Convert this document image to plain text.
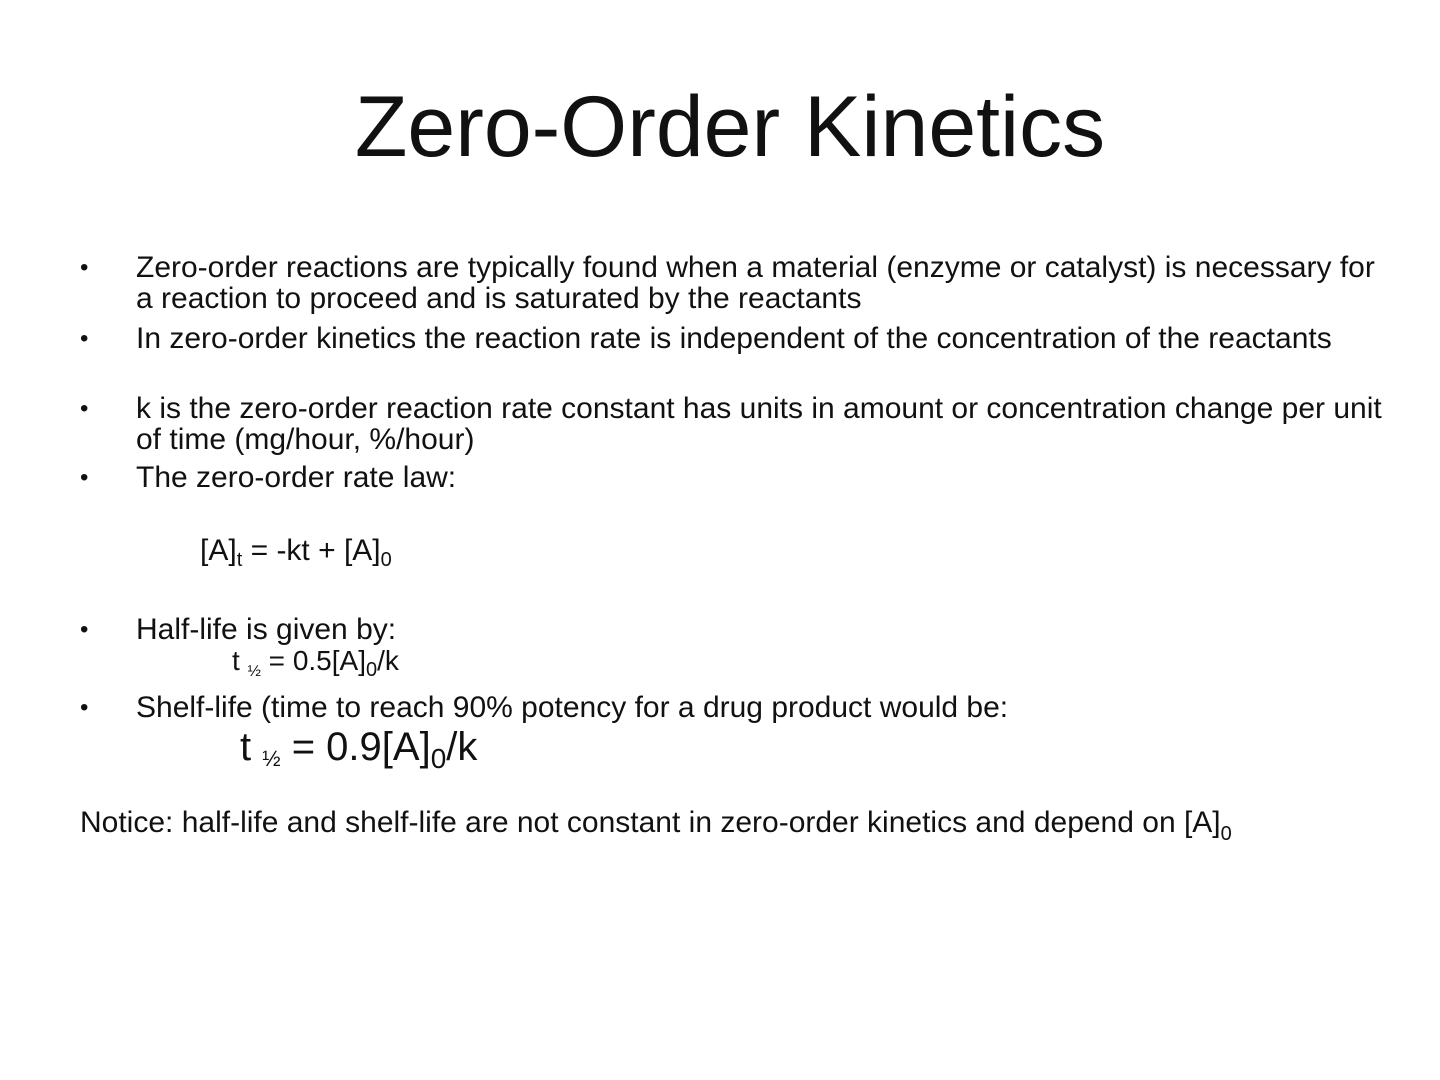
Zero-Order Kinetics
•	Zero-order reactions are typically found when a material (enzyme or catalyst) is necessary for a reaction to proceed and is saturated by the reactants
•	In zero-order kinetics the reaction rate is independent of the concentration of the reactants
•	k is the zero-order reaction rate constant has units in amount or concentration change per unit of time (mg/hour, %/hour)
•	The zero-order rate law:
$[A]_t = -kt + [A]_0$
•	Half-life is given by:
t $_{\frac{1}{2}} = 0.5[A]_0/k$
•	Shelf-life (time to reach 90% potency for a drug product would be:
t ½ = $0.9[A]_0/k$
Notice: half-life and shelf-life are not constant in zero-order kinetics and depend on $[A]_0$
